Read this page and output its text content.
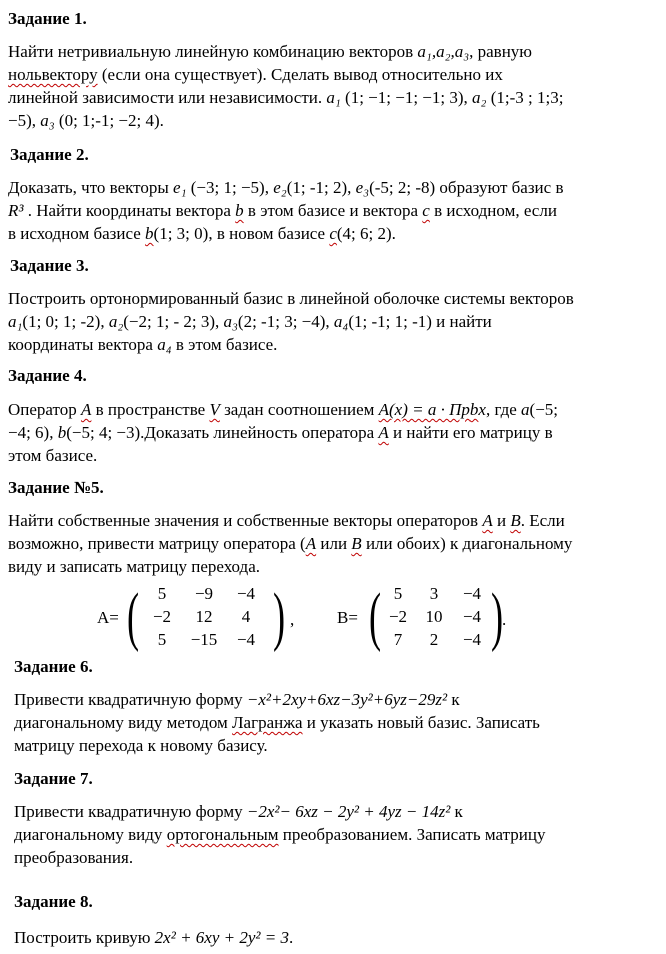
Задание 1.
Найти нетривиальную линейную комбинацию векторов a₁,a₂,a₃, равную
нольвектору (если она существует). Сделать вывод относительно их
линейной зависимости или независимости. a₁ (1; −1; −1; −1; 3), a₂ (1;-3 ; 1;3;
−5), a₃ (0; 1;-1; −2; 4).
Задание 2.
Доказать, что векторы e₁ (−3; 1; −5), e₂(1; -1; 2), e₃(-5; 2; -8) образуют базис в
R³ . Найти координаты вектора b в этом базисе и вектора c в исходном, если
в исходном базисе b(1; 3; 0), в новом базисе c(4; 6; 2).
Задание 3.
Построить ортонормированный базис в линейной оболочке системы векторов
a₁(1; 0; 1; -2), a₂(−2; 1; - 2; 3), a₃(2; -1; 3; −4), a₄(1; -1; 1; -1) и найти
координаты вектора a₄ в этом базисе.
Задание 4.
Оператор A в пространстве V задан соотношением A(x) = a · Прbx, где a(−5;
−4; 6), b(−5; 4; −3).Доказать линейность оператора A и найти его матрицу в
этом базисе.
Задание №5.
Найти собственные значения и собственные векторы операторов A и B. Если
возможно, привести матрицу оператора (A или B или обоих) к диагональному
виду и записать матрицу перехода.
A= ( )
5	−9	−4
−2	12	4
5	−15	−4
,	B= ( )
5	3	−4
−2	10	−4
7	2	−4
.
Задание 6.
Привести квадратичную форму −x²+2xy+6xz−3y²+6yz−29z² к
диагональному виду методом Лагранжа и указать новый базис. Записать
матрицу перехода к новому базису.
Задание 7.
Привести квадратичную форму −2x²− 6xz − 2y² + 4yz − 14z² к
диагональному виду ортогональным преобразованием. Записать матрицу
преобразования.
Задание 8.
Построить кривую 2x² + 6xy + 2y² = 3.
